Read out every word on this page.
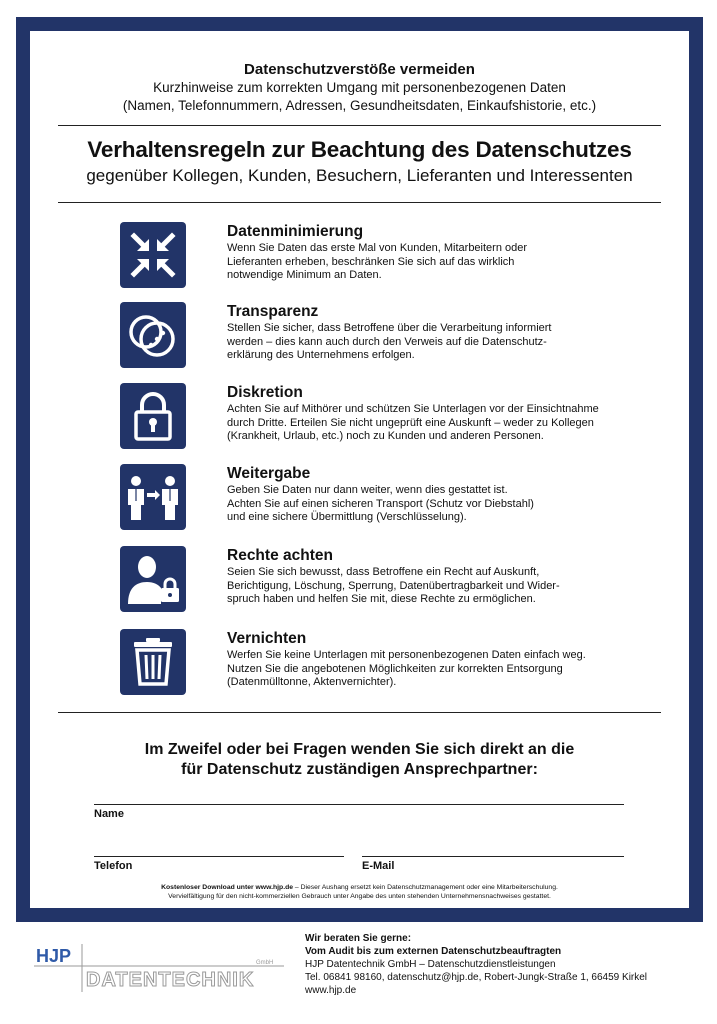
Datenschutzverstöße vermeiden
Kurzhinweise zum korrekten Umgang mit personenbezogenen Daten
(Namen, Telefonnummern, Adressen, Gesundheitsdaten, Einkaufshistorie, etc.)
Verhaltensregeln zur Beachtung des Datenschutzes
gegenüber Kollegen, Kunden, Besuchern, Lieferanten und Interessenten
Datenminimierung
Wenn Sie Daten das erste Mal von Kunden, Mitarbeitern oder
Lieferanten erheben, beschränken Sie sich auf das wirklich
notwendige Minimum an Daten.
Transparenz
Stellen Sie sicher, dass Betroffene über die Verarbeitung informiert
werden – dies kann auch durch den Verweis auf die Datenschutz-
erklärung des Unternehmens erfolgen.
Diskretion
Achten Sie auf Mithörer und schützen Sie Unterlagen vor der Einsichtnahme
durch Dritte. Erteilen Sie nicht ungeprüft eine Auskunft – weder zu Kollegen
(Krankheit, Urlaub, etc.) noch zu Kunden und anderen Personen.
Weitergabe
Geben Sie Daten nur dann weiter, wenn dies gestattet ist.
Achten Sie auf einen sicheren Transport (Schutz vor Diebstahl)
und eine sichere Übermittlung (Verschlüsselung).
Rechte achten
Seien Sie sich bewusst, dass Betroffene ein Recht auf Auskunft,
Berichtigung, Löschung, Sperrung, Datenübertragbarkeit und Wider-
spruch haben und helfen Sie mit, diese Rechte zu ermöglichen.
Vernichten
Werfen Sie keine Unterlagen mit personenbezogenen Daten einfach weg.
Nutzen Sie die angebotenen Möglichkeiten zur korrekten Entsorgung
(Datenmülltonne, Aktenvernichter).
Im Zweifel oder bei Fragen wenden Sie sich direkt an die
für Datenschutz zuständigen Ansprechpartner:
Name
Telefon	E-Mail
Kostenloser Download unter www.hjp.de – Dieser Aushang ersetzt kein Datenschutzmanagement oder eine Mitarbeiterschulung.
Vervielfältigung für den nicht-kommerziellen Gebrauch unter Angabe des unten stehenden Unternehmensnachweises gestattet.
HJP
DATENTECHNIK
GmbH
Wir beraten Sie gerne:
Vom Audit bis zum externen Datenschutzbeauftragten
HJP Datentechnik GmbH – Datenschutzdienstleistungen
Tel. 06841 98160, datenschutz@hjp.de, Robert-Jungk-Straße 1, 66459 Kirkel
www.hjp.de
